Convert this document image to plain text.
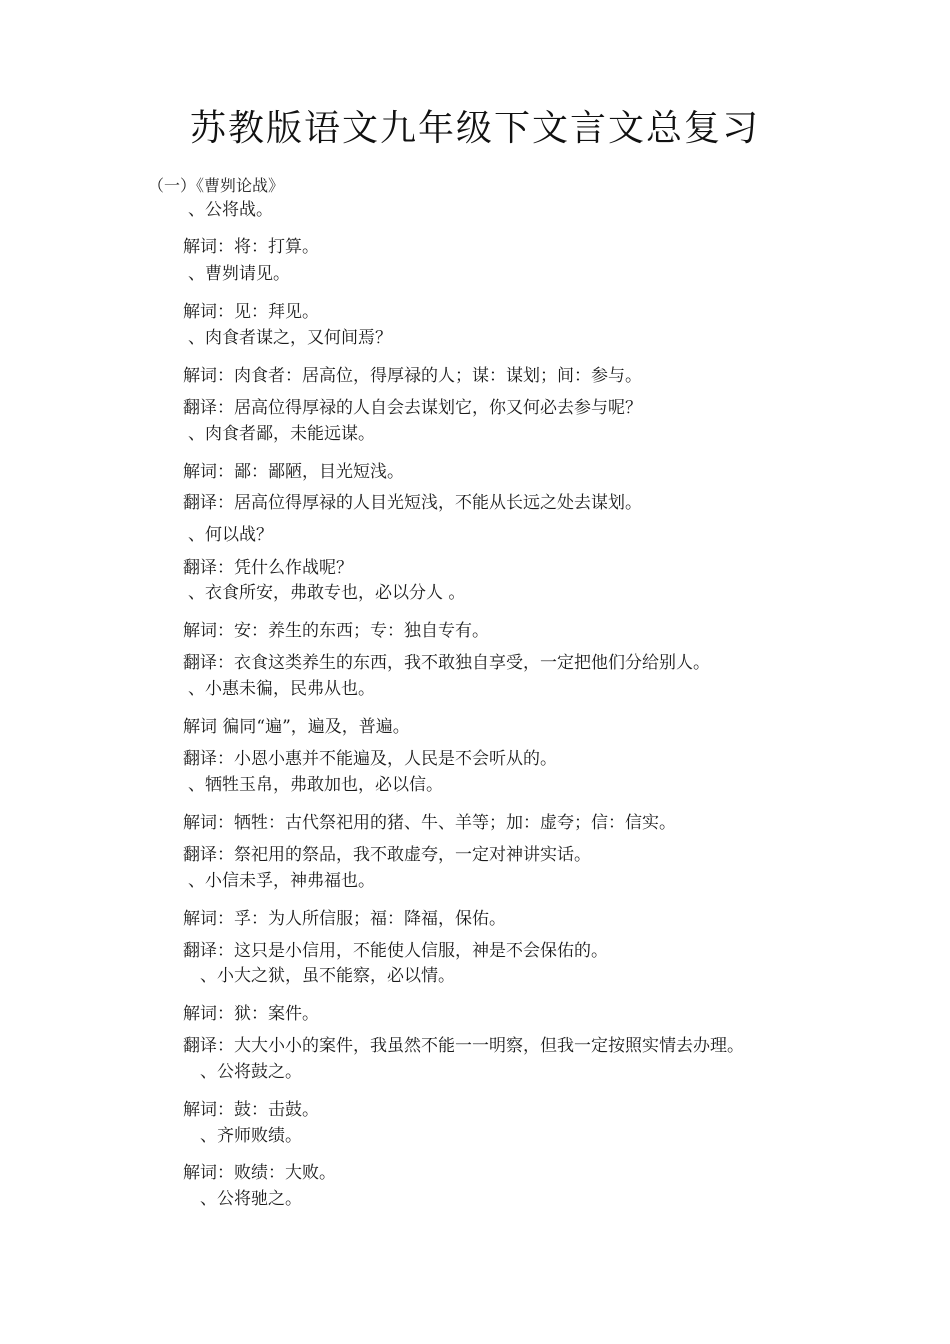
苏教版语文九年级下文言文总复习
（一）《曹刿论战》
、公将战。
解词：将：打算。
、曹刿请见。
解词：见：拜见。
、肉食者谋之，又何间焉？
解词：肉食者：居高位，得厚禄的人；谋：谋划；间：参与。
翻译：居高位得厚禄的人自会去谋划它，你又何必去参与呢？
、肉食者鄙，未能远谋。
解词：鄙：鄙陋，目光短浅。
翻译：居高位得厚禄的人目光短浅，不能从长远之处去谋划。
、何以战？
翻译：凭什么作战呢？
、衣食所安，弗敢专也，必以分人 。
解词：安：养生的东西；专：独自专有。
翻译：衣食这类养生的东西，我不敢独自享受，一定把他们分给别人。
、小惠未徧，民弗从也。
解词 徧同“遍”，遍及，普遍。
翻译：小恩小惠并不能遍及，人民是不会听从的。
、牺牲玉帛，弗敢加也，必以信。
解词：牺牲：古代祭祀用的猪、牛、羊等；加：虚夸；信：信实。
翻译：祭祀用的祭品，我不敢虚夸，一定对神讲实话。
、小信未孚，神弗福也。
解词：孚：为人所信服；福：降福，保佑。
翻译：这只是小信用，不能使人信服，神是不会保佑的。
、小大之狱，虽不能察，必以情。
解词：狱：案件。
翻译：大大小小的案件，我虽然不能一一明察，但我一定按照实情去办理。
、公将鼓之。
解词：鼓：击鼓。
、齐师败绩。
解词：败绩：大败。
、公将驰之。
